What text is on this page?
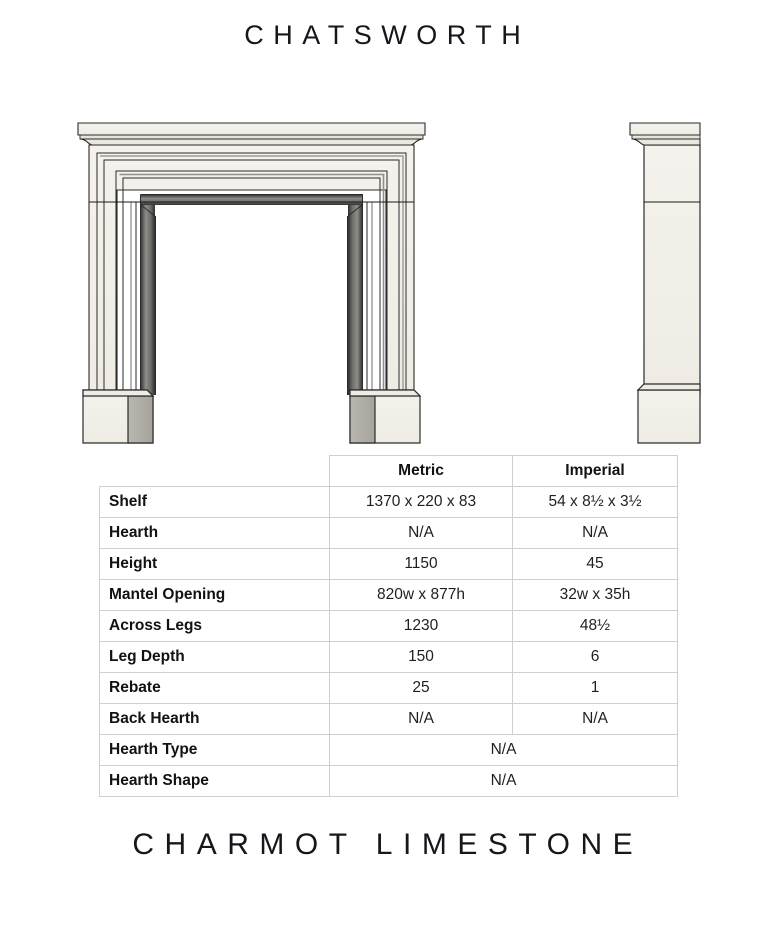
CHATSWORTH
	Metric	Imperial
Shelf	1370 x 220 x 83	54 x 8½ x 3½
Hearth	N/A	N/A
Height	1150	45
Mantel Opening	820w x 877h	32w x 35h
Across Legs	1230	48½
Leg Depth	150	6
Rebate	25	1
Back Hearth	N/A	N/A
Hearth Type	N/A	
Hearth Shape	N/A	
CHARMOT LIMESTONE
